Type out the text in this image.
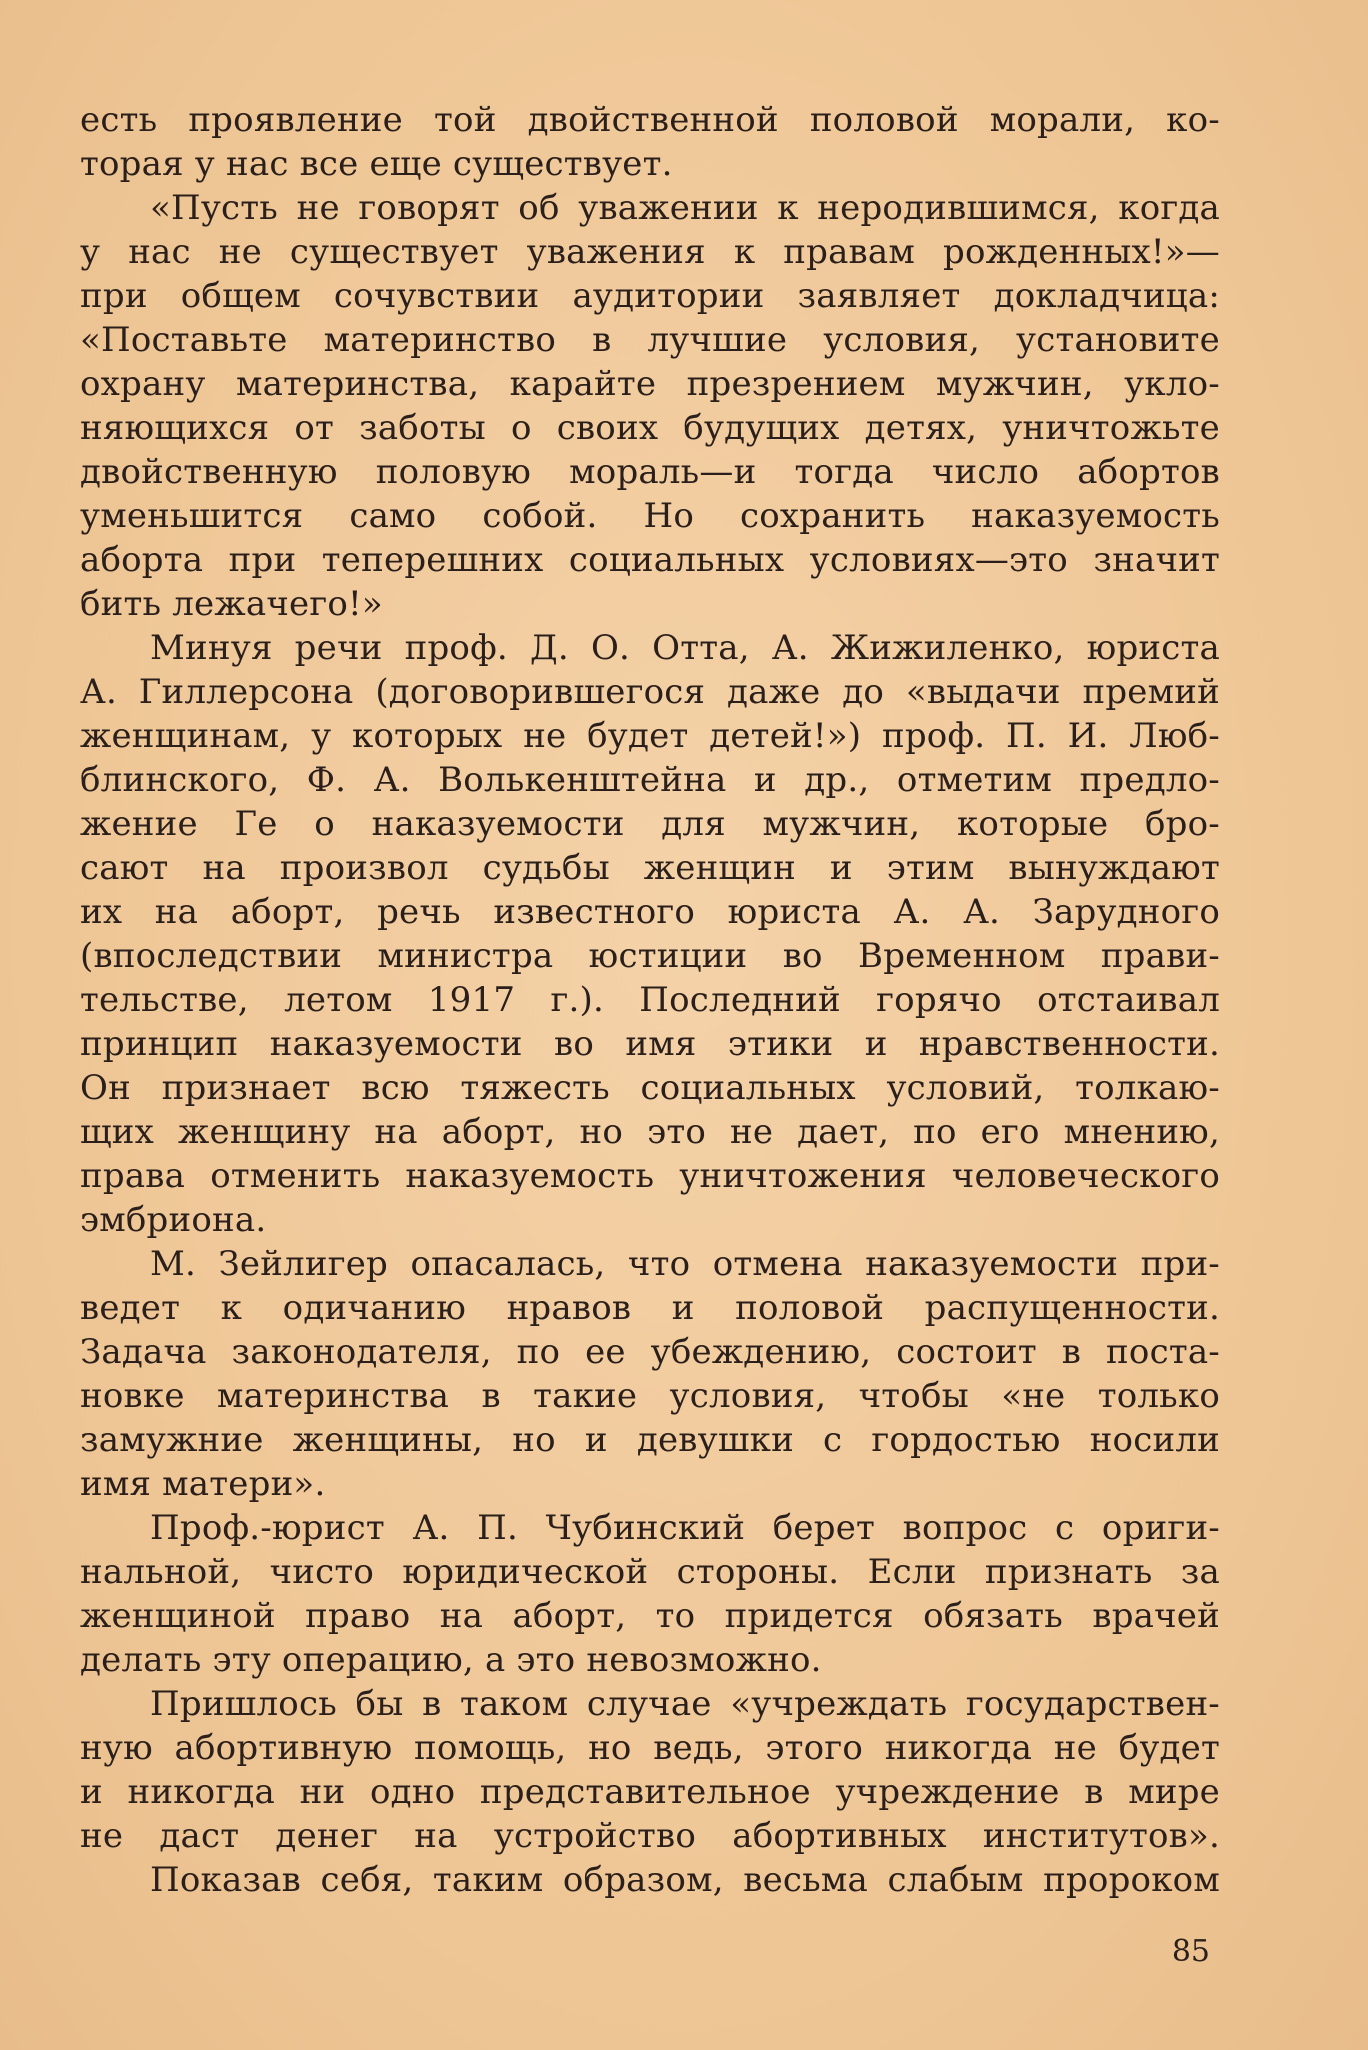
есть проявление той двойственной половой морали, ко-
торая у нас все еще существует.
«Пусть не говорят об уважении к неродившимся, когда
у нас не существует уважения к правам рожденных!»—
при общем сочувствии аудитории заявляет докладчица:
«Поставьте материнство в лучшие условия, установите
охрану материнства, карайте презрением мужчин, укло-
няющихся от заботы о своих будущих детях, уничтожьте
двойственную половую мораль—и тогда число абортов
уменьшится само собой. Но сохранить наказуемость
аборта при теперешних социальных условиях—это значит
бить лежачего!»
Минуя речи проф. Д. О. Отта, А. Жижиленко, юриста
А. Гиллерсона (договорившегося даже до «выдачи премий
женщинам, у которых не будет детей!») проф. П. И. Люб-
блинского, Ф. А. Волькенштейна и др., отметим предло-
жение Ге о наказуемости для мужчин, которые бро-
сают на произвол судьбы женщин и этим вынуждают
их на аборт, речь известного юриста А. А. Зарудного
(впоследствии министра юстиции во Временном прави-
тельстве, летом 1917 г.). Последний горячо отстаивал
принцип наказуемости во имя этики и нравственности.
Он признает всю тяжесть социальных условий, толкаю-
щих женщину на аборт, но это не дает, по его мнению,
права отменить наказуемость уничтожения человеческого
эмбриона.
М. Зейлигер опасалась, что отмена наказуемости при-
ведет к одичанию нравов и половой распущенности.
Задача законодателя, по ее убеждению, состоит в поста-
новке материнства в такие условия, чтобы «не только
замужние женщины, но и девушки с гордостью носили
имя матери».
Проф.-юрист А. П. Чубинский берет вопрос с ориги-
нальной, чисто юридической стороны. Если признать за
женщиной право на аборт, то придется обязать врачей
делать эту операцию, а это невозможно.
Пришлось бы в таком случае «учреждать государствен-
ную абортивную помощь, но ведь, этого никогда не будет
и никогда ни одно представительное учреждение в мире
не даст денег на устройство абортивных институтов».
Показав себя, таким образом, весьма слабым пророком
85
